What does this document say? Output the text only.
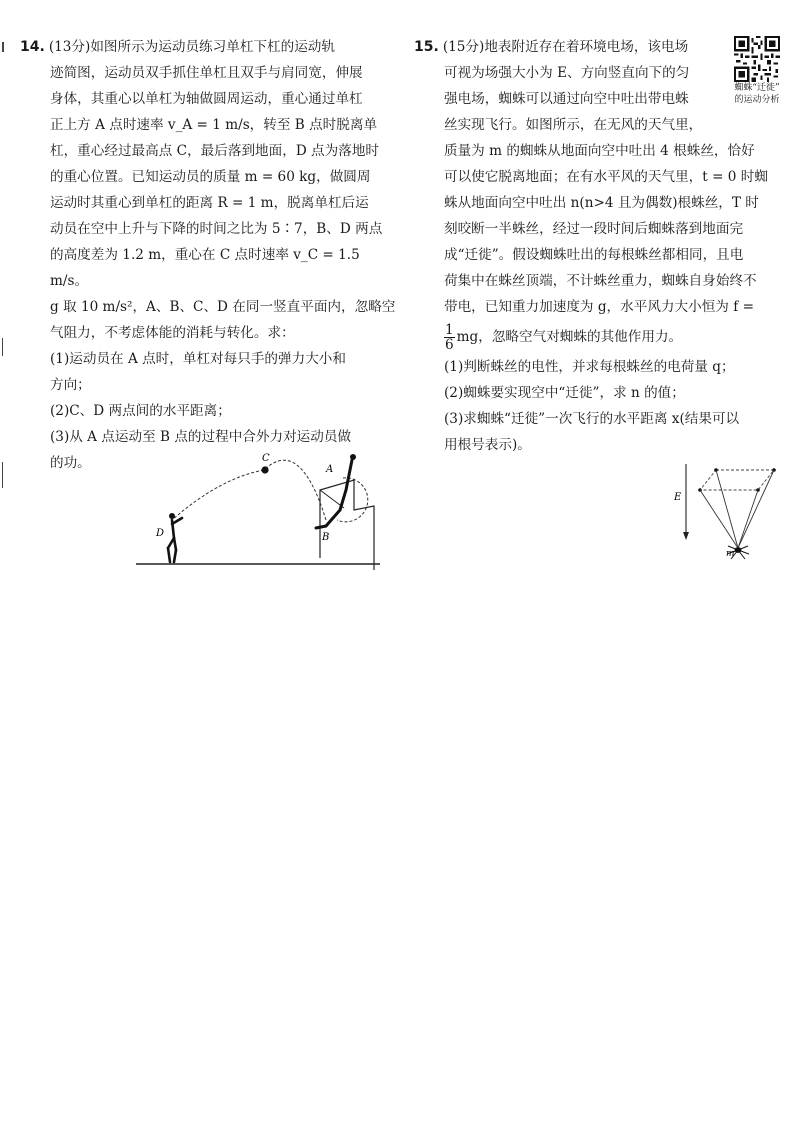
14. (13分) 如图所示为运动员练习单杠下杠的运动轨
迹简图，运动员双手抓住单杠且双手与肩同宽，伸展
身体，其重心以单杠为轴做圆周运动，重心通过单杠
正上方 A 点时速率 v_A = 1 m/s，转至 B 点时脱离单
杠，重心经过最高点 C，最后落到地面，D 点为落地时
的重心位置。已知运动员的质量 m = 60 kg，做圆周
运动时其重心到单杠的距离 R = 1 m，脱离单杠后运
动员在空中上升与下降的时间之比为 5∶7，B、D 两点
的高度差为 1.2 m，重心在 C 点时速率 v_C = 1.5 m/s。
g 取 10 m/s²，A、B、C、D 在同一竖直平面内，忽略空
气阻力，不考虑体能的消耗与转化。求：
(1)运动员在 A 点时，单杠对每只手的弹力大小和
方向；
(2)C、D 两点间的水平距离；
(3)从 A 点运动至 B 点的过程中合外力对运动员做
的功。	A
B
C
D
蜘蛛“迁徙”
的运动分析
15. (15分) 地表附近存在着环境电场，该电场
可视为场强大小为 E、方向竖直向下的匀
强电场，蜘蛛可以通过向空中吐出带电蛛
丝实现飞行。如图所示，在无风的天气里，
质量为 m 的蜘蛛从地面向空中吐出 4 根蛛丝，恰好
可以使它脱离地面；在有水平风的天气里，t = 0 时蜘
蛛从地面向空中吐出 n(n>4 且为偶数)根蛛丝，T 时
刻咬断一半蛛丝，经过一段时间后蜘蛛落到地面完
成“迁徙”。假设蜘蛛吐出的每根蛛丝都相同，且电
荷集中在蛛丝顶端，不计蛛丝重力，蜘蛛自身始终不
带电，已知重力加速度为 g，水平风力大小恒为 f =
$\frac{1}{6}$ mg，忽略空气对蜘蛛的其他作用力。
(1)判断蛛丝的电性，并求每根蛛丝的电荷量 q；
(2)蜘蛛要实现空中“迁徙”，求 n 的值；
(3)求蜘蛛“迁徙”一次飞行的水平距离 x(结果可以
用根号表示)。
E
m
